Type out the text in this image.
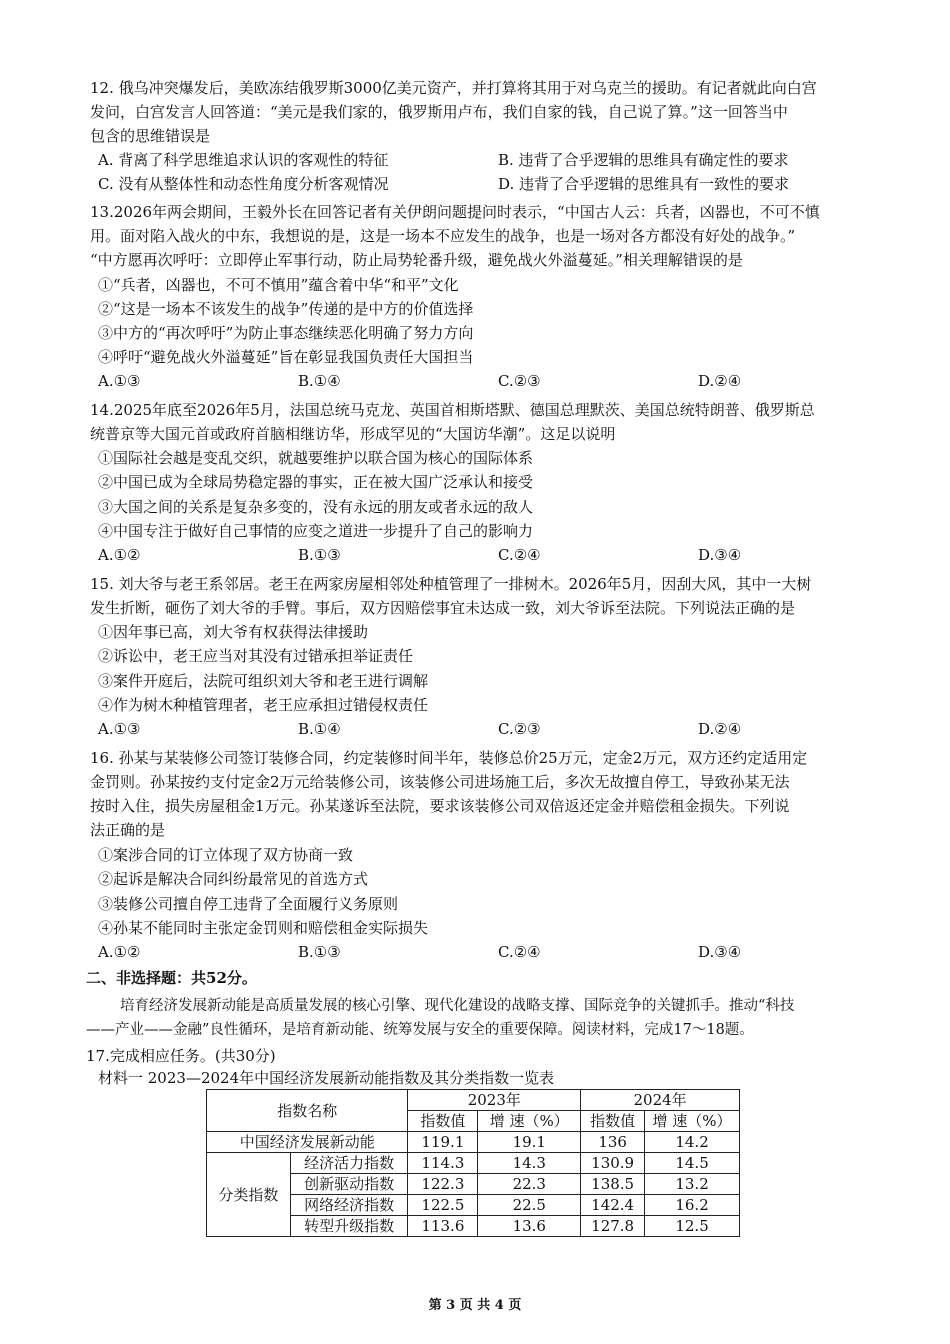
12. 俄乌冲突爆发后，美欧冻结俄罗斯3000亿美元资产，并打算将其用于对乌克兰的援助。有记者就此向白宫
发问，白宫发言人回答道：“美元是我们家的，俄罗斯用卢布，我们自家的钱，自己说了算。”这一回答当中
包含的思维错误是
A. 背离了科学思维追求认识的客观性的特征	B. 违背了合乎逻辑的思维具有确定性的要求
C. 没有从整体性和动态性角度分析客观情况	D. 违背了合乎逻辑的思维具有一致性的要求
13.2026年两会期间，王毅外长在回答记者有关伊朗问题提问时表示，“中国古人云：兵者，凶器也，不可不慎
用。面对陷入战火的中东，我想说的是，这是一场本不应发生的战争，也是一场对各方都没有好处的战争。”
“中方愿再次呼吁：立即停止军事行动，防止局势轮番升级，避免战火外溢蔓延。”相关理解错误的是
①“兵者，凶器也，不可不慎用”蕴含着中华“和平”文化
②“这是一场本不该发生的战争”传递的是中方的价值选择
③中方的“再次呼吁”为防止事态继续恶化明确了努力方向
④呼吁“避免战火外溢蔓延”旨在彰显我国负责任大国担当
A.①③	B.①④	C.②③	D.②④
14.2025年底至2026年5月，法国总统马克龙、英国首相斯塔默、德国总理默茨、美国总统特朗普、俄罗斯总
统普京等大国元首或政府首脑相继访华，形成罕见的“大国访华潮”。这足以说明
①国际社会越是变乱交织，就越要维护以联合国为核心的国际体系
②中国已成为全球局势稳定器的事实，正在被大国广泛承认和接受
③大国之间的关系是复杂多变的，没有永远的朋友或者永远的敌人
④中国专注于做好自己事情的应变之道进一步提升了自己的影响力
A.①②	B.①③	C.②④	D.③④
15. 刘大爷与老王系邻居。老王在两家房屋相邻处种植管理了一排树木。2026年5月，因刮大风，其中一大树
发生折断，砸伤了刘大爷的手臂。事后，双方因赔偿事宜未达成一致，刘大爷诉至法院。下列说法正确的是
①因年事已高，刘大爷有权获得法律援助
②诉讼中，老王应当对其没有过错承担举证责任
③案件开庭后，法院可组织刘大爷和老王进行调解
④作为树木种植管理者，老王应承担过错侵权责任
A.①③	B.①④	C.②③	D.②④
16. 孙某与某装修公司签订装修合同，约定装修时间半年，装修总价25万元，定金2万元，双方还约定适用定
金罚则。孙某按约支付定金2万元给装修公司，该装修公司进场施工后，多次无故擅自停工，导致孙某无法
按时入住，损失房屋租金1万元。孙某遂诉至法院，要求该装修公司双倍返还定金并赔偿租金损失。下列说
法正确的是
①案涉合同的订立体现了双方协商一致
②起诉是解决合同纠纷最常见的首选方式
③装修公司擅自停工违背了全面履行义务原则
④孙某不能同时主张定金罚则和赔偿租金实际损失
A.①②	B.①③	C.②④	D.③④
二、非选择题：共52分。
培育经济发展新动能是高质量发展的核心引擎、现代化建设的战略支撑、国际竞争的关键抓手。推动“科技
——产业——金融”良性循环，是培育新动能、统筹发展与安全的重要保障。阅读材料，完成17～18题。
17.完成相应任务。(共30分)
材料一 2023—2024年中国经济发展新动能指数及其分类指数一览表
指数名称		2023年		2024年	
		指数值	增 速（%）	指数值	增 速（%）
中国经济发展新动能		119.1	19.1	136	14.2
分类指数	经济活力指数	114.3	14.3	130.9	14.5
	创新驱动指数	122.3	22.3	138.5	13.2
	网络经济指数	122.5	22.5	142.4	16.2
	转型升级指数	113.6	13.6	127.8	12.5
第 3 页 共 4 页
